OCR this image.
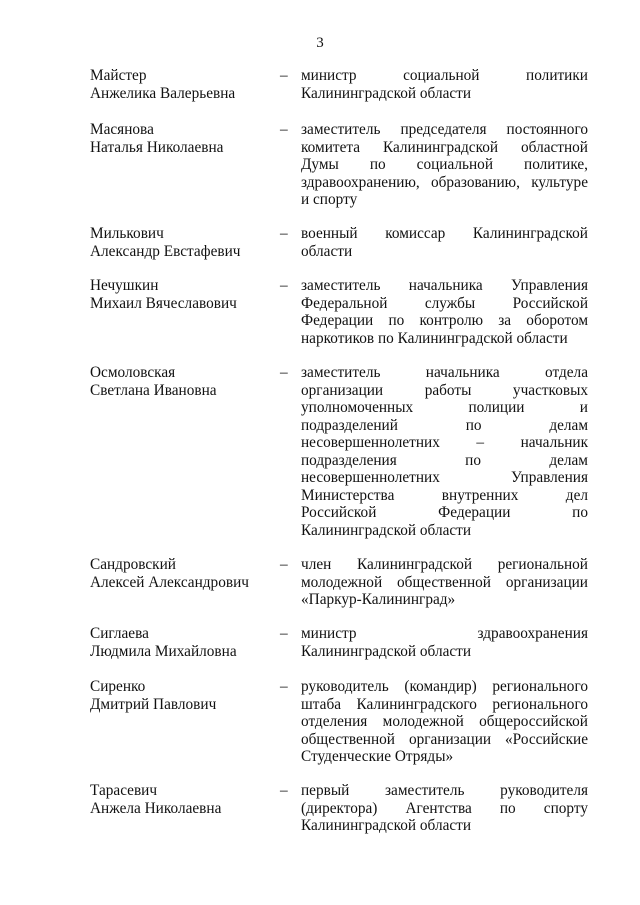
3
Майстер
Анжелика Валерьевна
– министр социальной политики
Калининградской области
Масянова
Наталья Николаевна
– заместитель председателя постоянного
комитета Калининградской областной
Думы по социальной политике,
здравоохранению, образованию, культуре
и спорту
Милькович
Александр Евстафевич
– военный комиссар Калининградской
области
Нечушкин
Михаил Вячеславович
– заместитель начальника Управления
Федеральной службы Российской
Федерации по контролю за оборотом
наркотиков по Калининградской области
Осмоловская
Светлана Ивановна
– заместитель начальника отдела
организации работы участковых
уполномоченных полиции и
подразделений по делам
несовершеннолетних – начальник
подразделения по делам
несовершеннолетних Управления
Министерства внутренних дел
Российской Федерации по
Калининградской области
Сандровский
Алексей Александрович
– член Калининградской региональной
молодежной общественной организации
«Паркур-Калининград»
Сиглаева
Людмила Михайловна
– министр здравоохранения
Калининградской области
Сиренко
Дмитрий Павлович
– руководитель (командир) регионального
штаба Калининградского регионального
отделения молодежной общероссийской
общественной организации «Российские
Студенческие Отряды»
Тарасевич
Анжела Николаевна
– первый заместитель руководителя
(директора) Агентства по спорту
Калининградской области
